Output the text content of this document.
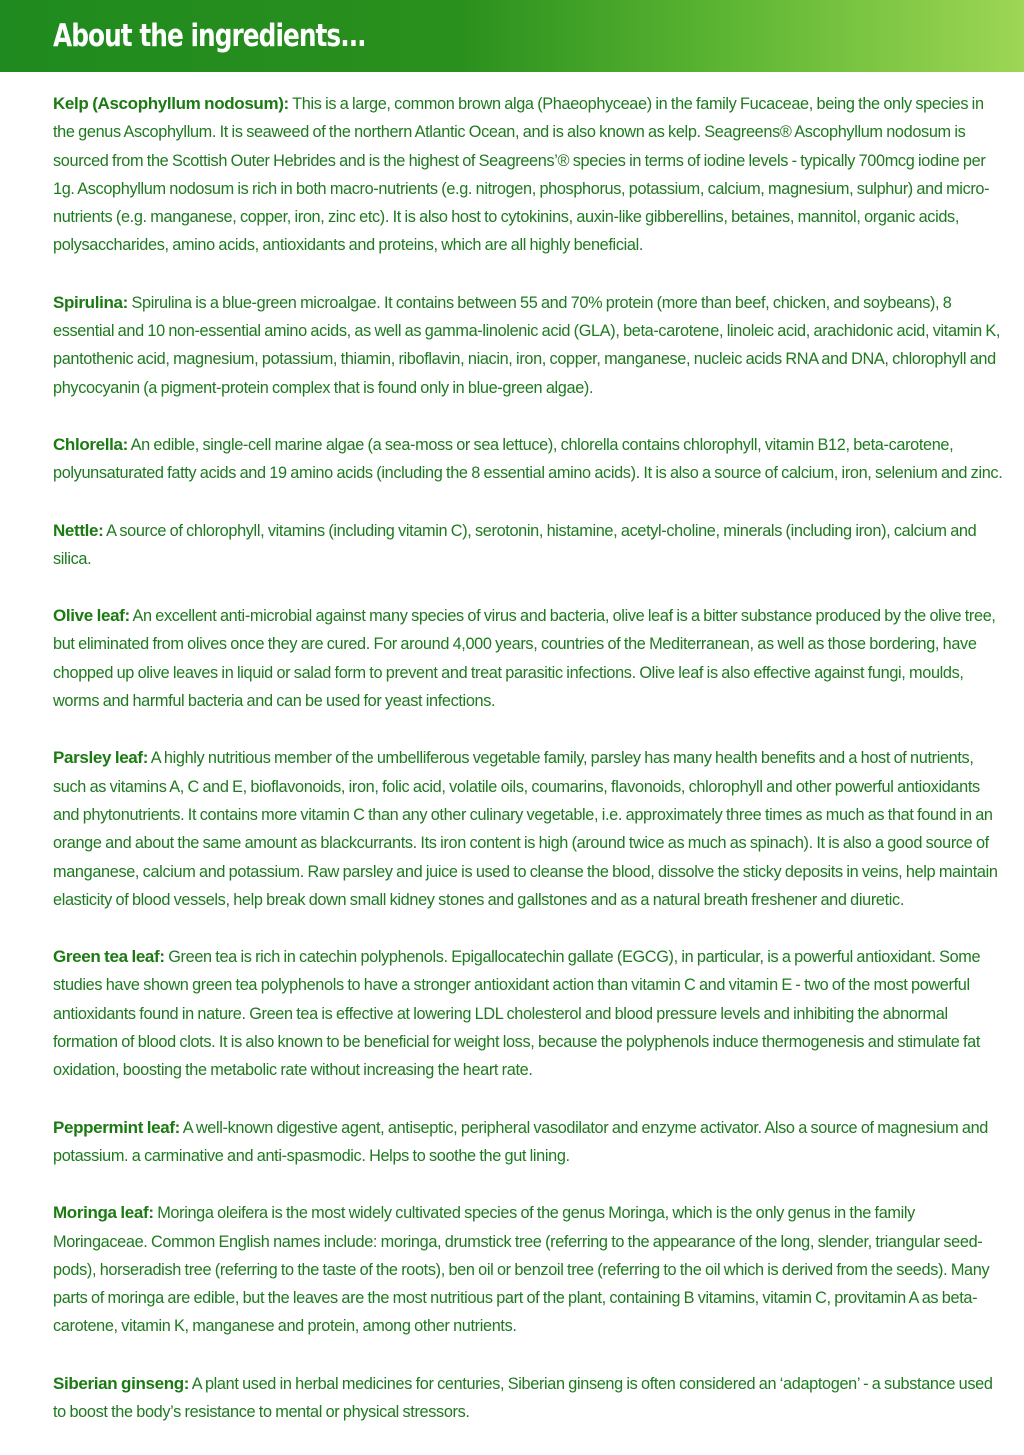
About the ingredients...

Kelp (Ascophyllum nodosum): This is a large, common brown alga (Phaeophyceae) in the family Fucaceae, being the only species in the genus Ascophyllum. It is seaweed of the northern Atlantic Ocean, and is also known as kelp. Seagreens® Ascophyllum nodosum is sourced from the Scottish Outer Hebrides and is the highest of Seagreens’® species in terms of iodine levels - typically 700mcg iodine per 1g. Ascophyllum nodosum is rich in both macro-nutrients (e.g. nitrogen, phosphorus, potassium, calcium, magnesium, sulphur) and micro-nutrients (e.g. manganese, copper, iron, zinc etc). It is also host to cytokinins, auxin-like gibberellins, betaines, mannitol, organic acids, polysaccharides, amino acids, antioxidants and proteins, which are all highly beneficial.

Spirulina: Spirulina is a blue-green microalgae. It contains between 55 and 70% protein (more than beef, chicken, and soybeans), 8 essential and 10 non-essential amino acids, as well as gamma-linolenic acid (GLA), beta-carotene, linoleic acid, arachidonic acid, vitamin K, pantothenic acid, magnesium, potassium, thiamin, riboflavin, niacin, iron, copper, manganese, nucleic acids RNA and DNA, chlorophyll and phycocyanin (a pigment-protein complex that is found only in blue-green algae).

Chlorella: An edible, single-cell marine algae (a sea-moss or sea lettuce), chlorella contains chlorophyll, vitamin B12, beta-carotene, polyunsaturated fatty acids and 19 amino acids (including the 8 essential amino acids). It is also a source of calcium, iron, selenium and zinc.

Nettle: A source of chlorophyll, vitamins (including vitamin C), serotonin, histamine, acetyl-choline, minerals (including iron), calcium and silica.

Olive leaf: An excellent anti-microbial against many species of virus and bacteria, olive leaf is a bitter substance produced by the olive tree, but eliminated from olives once they are cured. For around 4,000 years, countries of the Mediterranean, as well as those bordering, have chopped up olive leaves in liquid or salad form to prevent and treat parasitic infections. Olive leaf is also effective against fungi, moulds, worms and harmful bacteria and can be used for yeast infections.

Parsley leaf: A highly nutritious member of the umbelliferous vegetable family, parsley has many health benefits and a host of nutrients, such as vitamins A, C and E, bioflavonoids, iron, folic acid, volatile oils, coumarins, flavonoids, chlorophyll and other powerful antioxidants and phytonutrients. It contains more vitamin C than any other culinary vegetable, i.e. approximately three times as much as that found in an orange and about the same amount as blackcurrants. Its iron content is high (around twice as much as spinach). It is also a good source of manganese, calcium and potassium. Raw parsley and juice is used to cleanse the blood, dissolve the sticky deposits in veins, help maintain elasticity of blood vessels, help break down small kidney stones and gallstones and as a natural breath freshener and diuretic.

Green tea leaf: Green tea is rich in catechin polyphenols. Epigallocatechin gallate (EGCG), in particular, is a powerful antioxidant. Some studies have shown green tea polyphenols to have a stronger antioxidant action than vitamin C and vitamin E - two of the most powerful antioxidants found in nature. Green tea is effective at lowering LDL cholesterol and blood pressure levels and inhibiting the abnormal formation of blood clots. It is also known to be beneficial for weight loss, because the polyphenols induce thermogenesis and stimulate fat oxidation, boosting the metabolic rate without increasing the heart rate.

Peppermint leaf: A well-known digestive agent, antiseptic, peripheral vasodilator and enzyme activator. Also a source of magnesium and potassium. a carminative and anti-spasmodic. Helps to soothe the gut lining.

Moringa leaf: Moringa oleifera is the most widely cultivated species of the genus Moringa, which is the only genus in the family Moringaceae. Common English names include: moringa, drumstick tree (referring to the appearance of the long, slender, triangular seed-pods), horseradish tree (referring to the taste of the roots), ben oil or benzoil tree (referring to the oil which is derived from the seeds). Many parts of moringa are edible, but the leaves are the most nutritious part of the plant, containing B vitamins, vitamin C, provitamin A as beta-carotene, vitamin K, manganese and protein, among other nutrients.

Siberian ginseng: A plant used in herbal medicines for centuries, Siberian ginseng is often considered an ‘adaptogen’ - a substance used to boost the body’s resistance to mental or physical stressors.
